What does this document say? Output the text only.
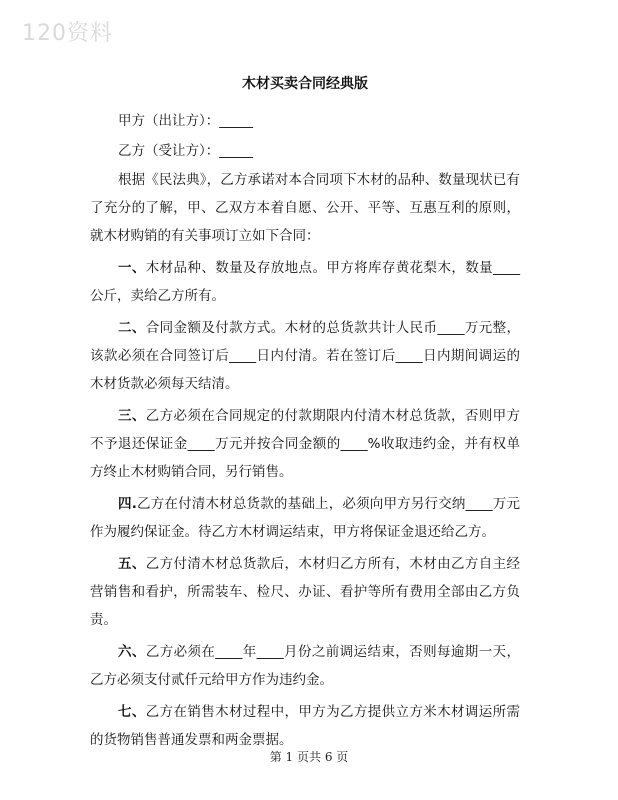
120资料

木材买卖合同经典版

甲方（出让方）：_____

乙方（受让方）：_____

根据《民法典》，乙方承诺对本合同项下木材的品种、数量现状已有了充分的了解，甲、乙双方本着自愿、公开、平等、互惠互利的原则，就木材购销的有关事项订立如下合同：

一、木材品种、数量及存放地点。甲方将库存黄花梨木，数量____公斤，卖给乙方所有。

二、合同金额及付款方式。木材的总货款共计人民币____万元整，该款必须在合同签订后____日内付清。若在签订后____日内期间调运的木材货款必须每天结清。

三、乙方必须在合同规定的付款期限内付清木材总货款，否则甲方不予退还保证金____万元并按合同金额的____%收取违约金，并有权单方终止木材购销合同，另行销售。

四.乙方在付清木材总货款的基础上，必须向甲方另行交纳____万元作为履约保证金。待乙方木材调运结束，甲方将保证金退还给乙方。

五、乙方付清木材总货款后，木材归乙方所有，木材由乙方自主经营销售和看护，所需装车、检尺、办证、看护等所有费用全部由乙方负责。

六、乙方必须在____年____月份之前调运结束，否则每逾期一天，乙方必须支付贰仟元给甲方作为违约金。

七、乙方在销售木材过程中，甲方为乙方提供立方米木材调运所需的货物销售普通发票和两金票据。

第 1 页共 6 页
